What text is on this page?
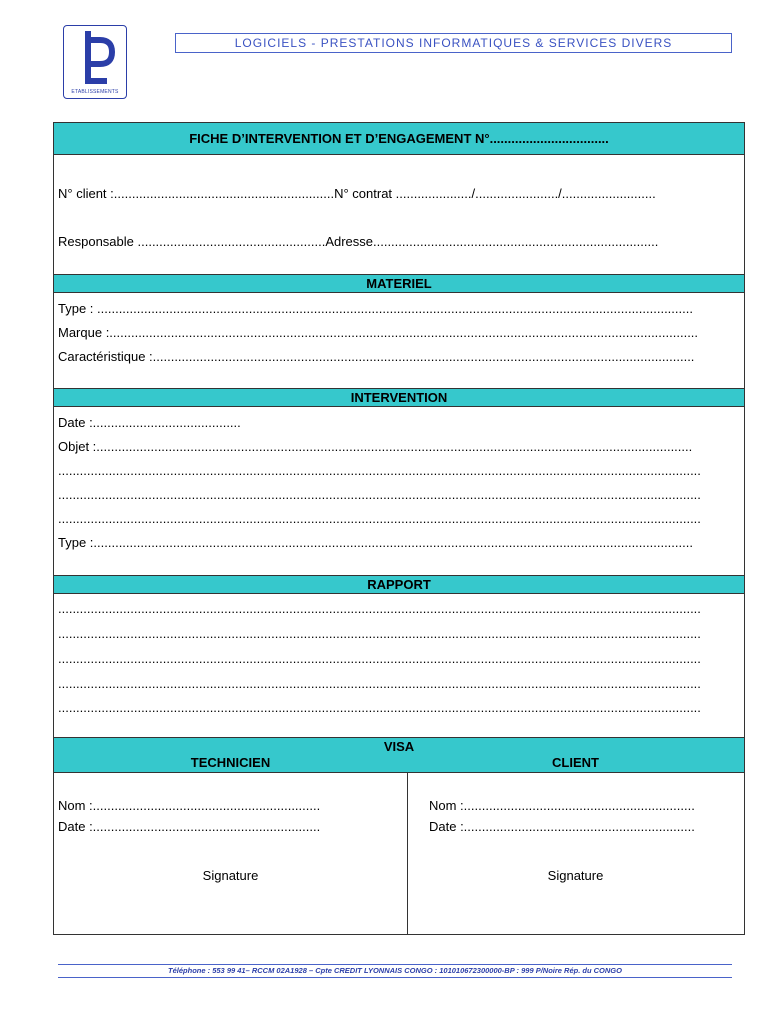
ETABLISSEMENTS
LOGICIELS - PRESTATIONS INFORMATIQUES & SERVICES DIVERS
FICHE D’INTERVENTION ET D’ENGAGEMENT N°.................................
N° client :.............................................................N° contrat ...................../......................./..........................
Responsable ....................................................Adresse...............................................................................
MATERIEL
Type : .....................................................................................................................................................................
Marque :...................................................................................................................................................................
Caractéristique :......................................................................................................................................................
INTERVENTION
Date :.........................................
Objet :.....................................................................................................................................................................
..................................................................................................................................................................................
..................................................................................................................................................................................
..................................................................................................................................................................................
Type :......................................................................................................................................................................
RAPPORT
..................................................................................................................................................................................
..................................................................................................................................................................................
..................................................................................................................................................................................
..................................................................................................................................................................................
..................................................................................................................................................................................
VISA
TECHNICIEN
Nom :...............................................................
Date :...............................................................
Signature
CLIENT
Nom :................................................................
Date :................................................................
Signature
Téléphone : 553 99 41– RCCM 02A1928 – Cpte CREDIT LYONNAIS CONGO : 101010672300000-BP : 999 P/Noire Rép. du CONGO
